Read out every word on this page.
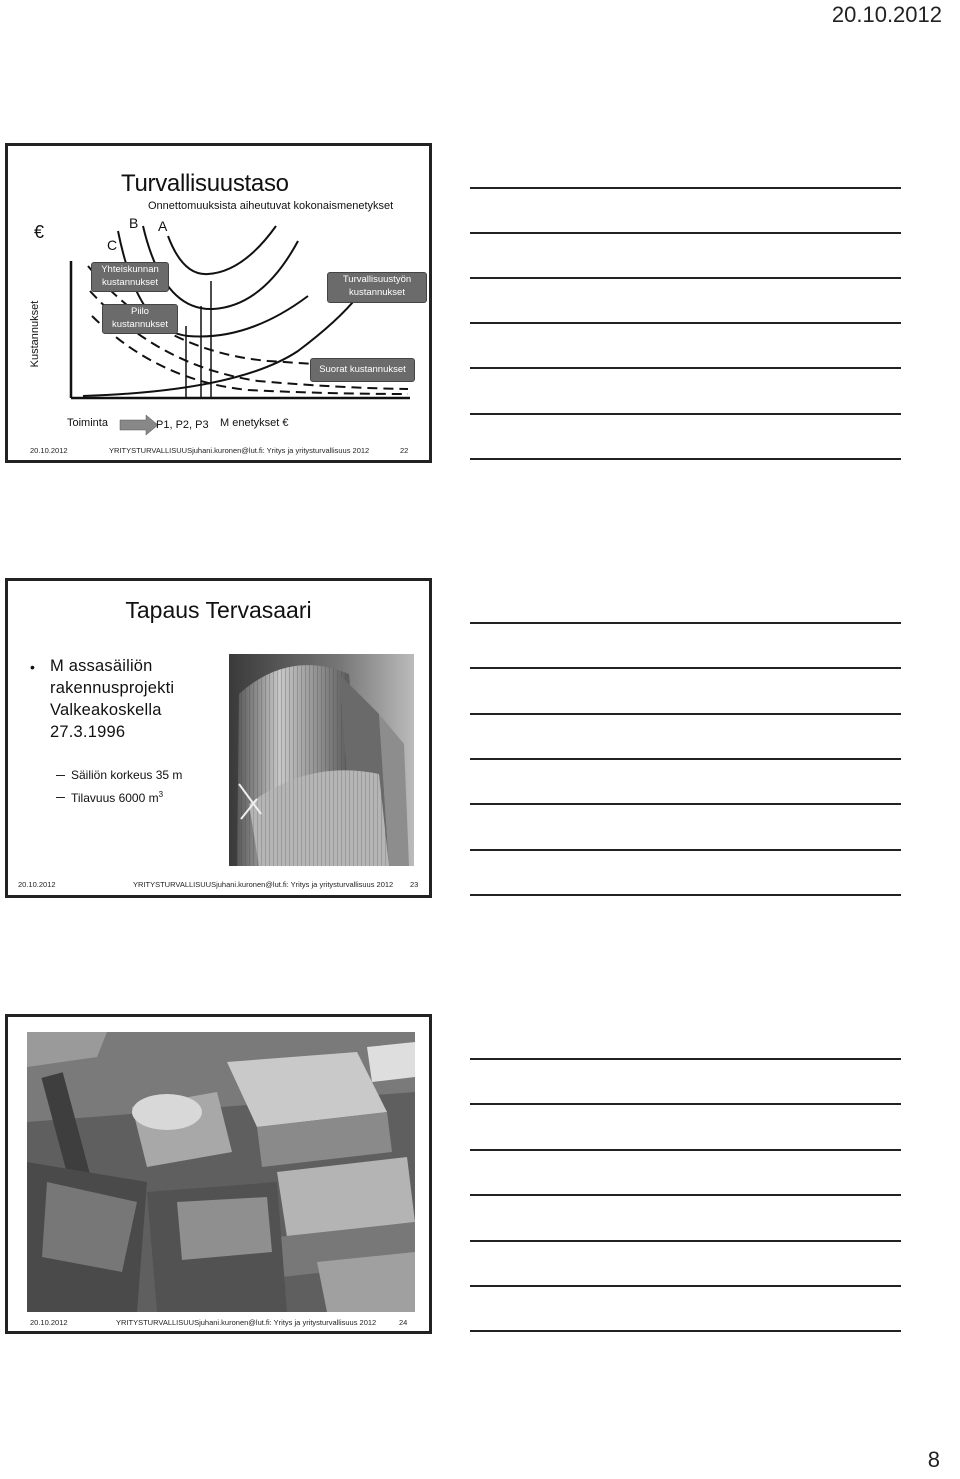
20.10.2012
Turvallisuustaso
Onnettomuuksista aiheutuvat kokonaismenetykset
€
C
B A
Kustannukset
Yhteiskunnan kustannukset
Piilo kustannukset
Turvallisuustyön kustannukset
Suorat kustannukset
Toiminta	P1, P2, P3 M enetykset €
20.10.2012	YRITYSTURVALLISUUSjuhani.kuronen@lut.fi: Yritys ja yritysturvallisuus 2012	22
Tapaus Tervasaari
• M assasäiliön
rakennusprojekti
Valkeakoskella
27.3.1996
Säiliön korkeus 35 m
Tilavuus 6000 $m^3$
20.10.2012	YRITYSTURVALLISUUSjuhani.kuronen@lut.fi: Yritys ja yritysturvallisuus 2012 23
20.10.2012	YRITYSTURVALLISUUSjuhani.kuronen@lut.fi: Yritys ja yritysturvallisuus 2012	24
8
